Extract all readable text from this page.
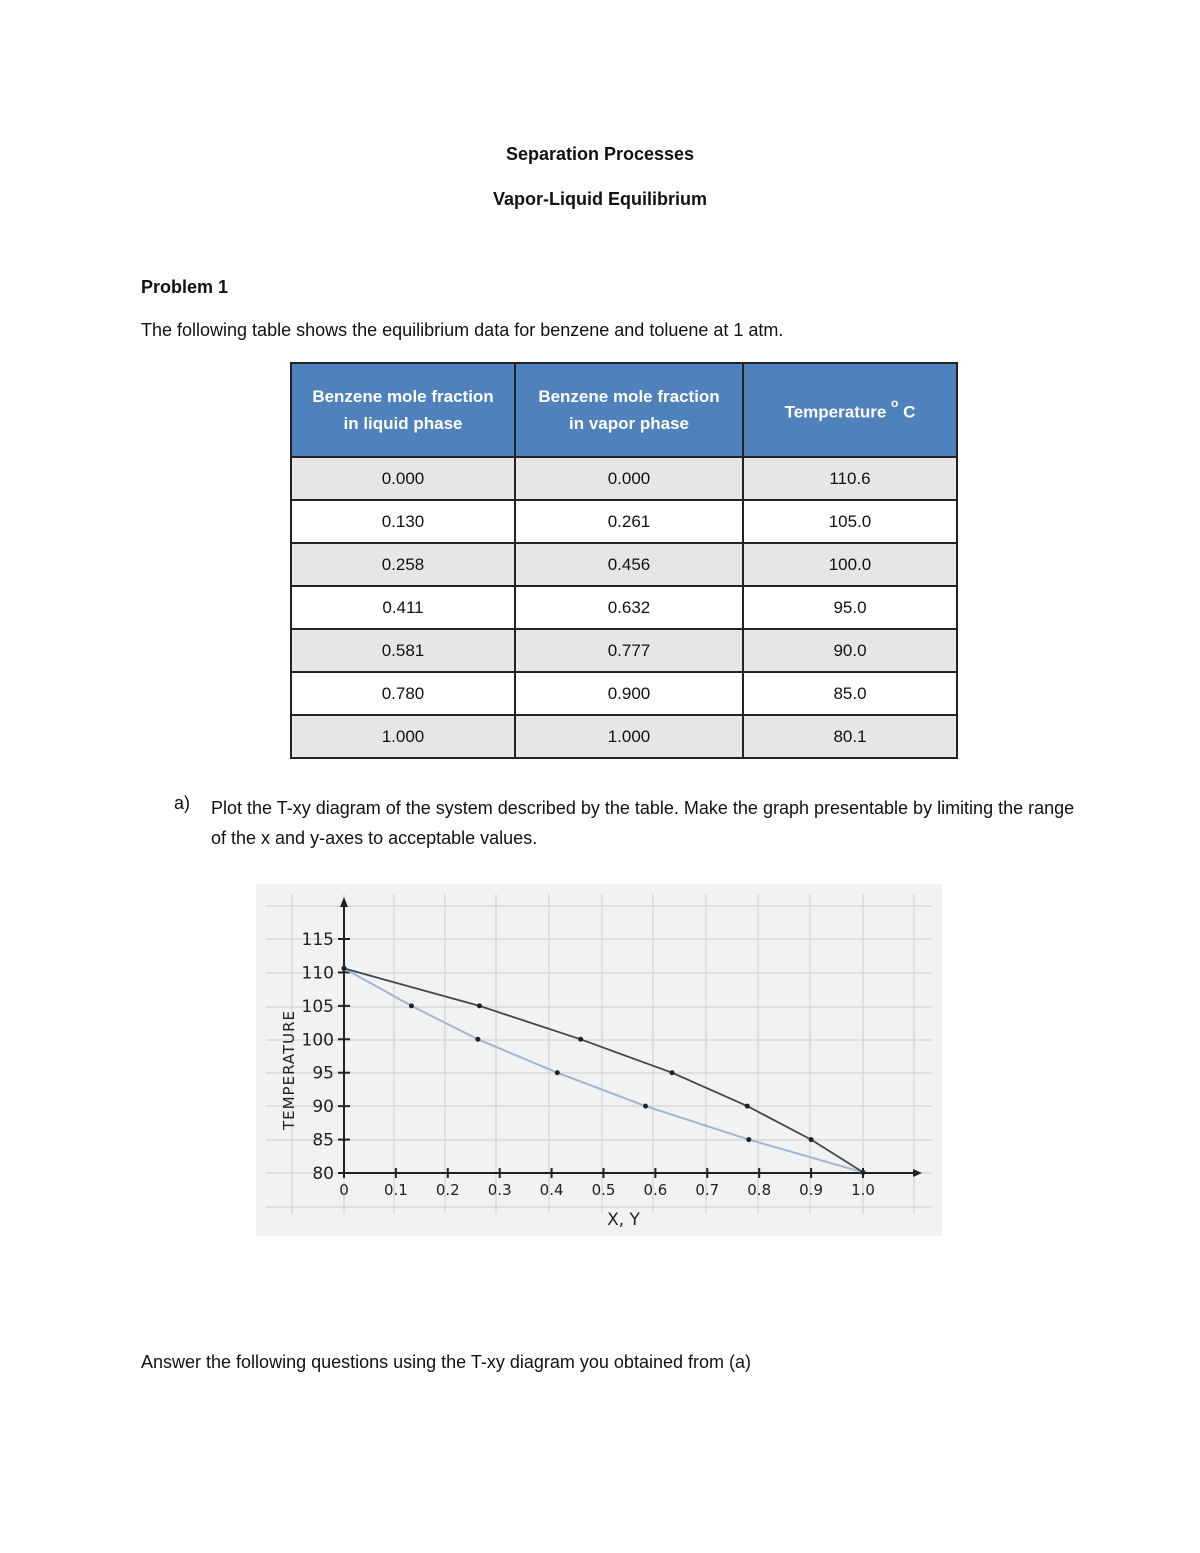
Separation Processes
Vapor-Liquid Equilibrium
Problem 1
The following table shows the equilibrium data for benzene and toluene at 1 atm.
Benzene mole fraction in liquid phase	Benzene mole fraction in vapor phase	Temperature $^o$ C
0.000	0.000	110.6
0.130	0.261	105.0
0.258	0.456	100.0
0.411	0.632	95.0
0.581	0.777	90.0
0.780	0.900	85.0
1.000	1.000	80.1
a) Plot the T-xy diagram of the system described by the table. Make the graph presentable by limiting the range of the x and y-axes to acceptable values.
0 0.1 0.2 0.3 0.4 0.5 0.6 0.7 0.8 0.9 1.0
80
85
90
95
100
105
110
115
X, Y
TEMPERATURE
Answer the following questions using the T-xy diagram you obtained from (a)
